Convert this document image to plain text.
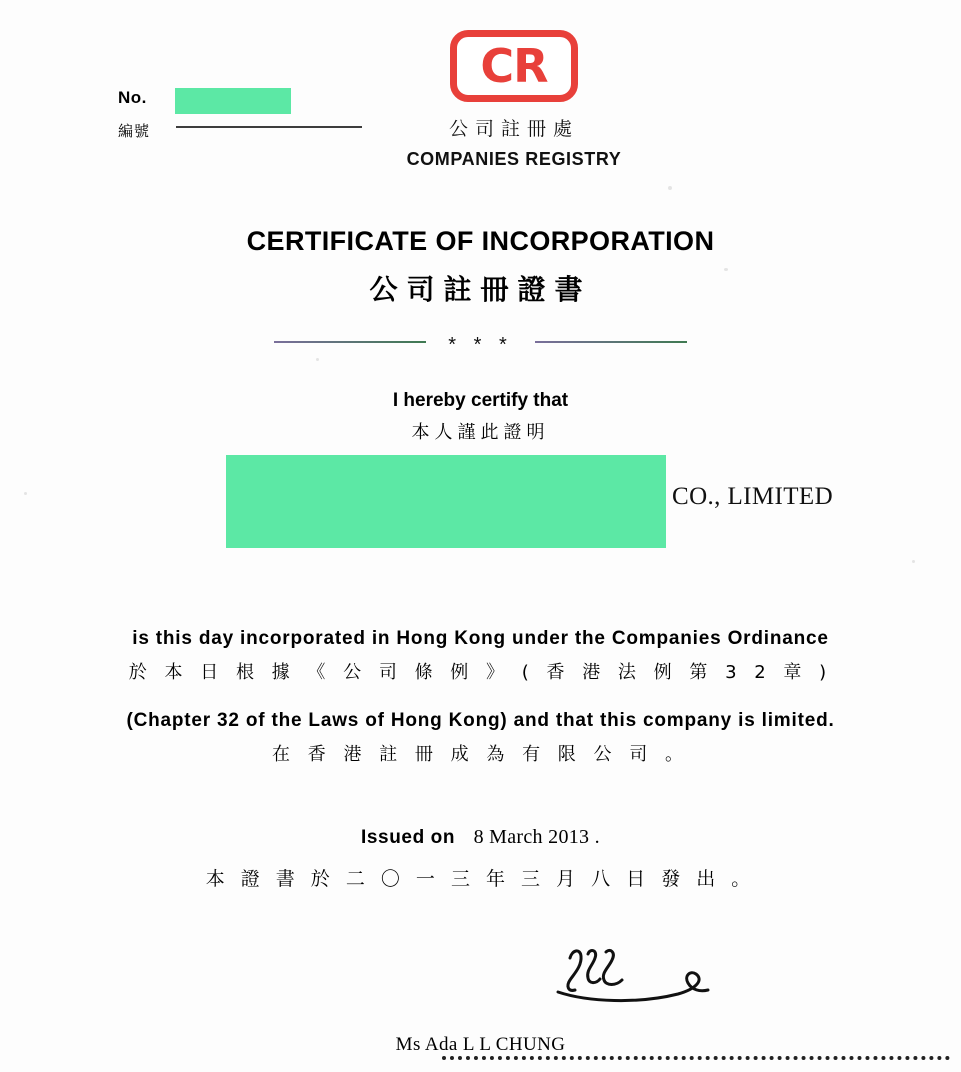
No.
編號
CR
公司註冊處
COMPANIES REGISTRY
CERTIFICATE OF INCORPORATION
公司註冊證書
* * *
I hereby certify that
本人謹此證明
CO., LIMITED
is this day incorporated in Hong Kong under the Companies Ordinance
於 本 日 根 據 《 公 司 條 例 》 ( 香 港 法 例 第 3 2 章 )
(Chapter 32 of the Laws of Hong Kong) and that this company is limited.
在 香 港 註 冊 成 為 有 限 公 司 。
Issued on 8 March 2013 .
本 證 書 於 二 〇 一 三 年 三 月 八 日 發 出 。
Ms Ada L L CHUNG
